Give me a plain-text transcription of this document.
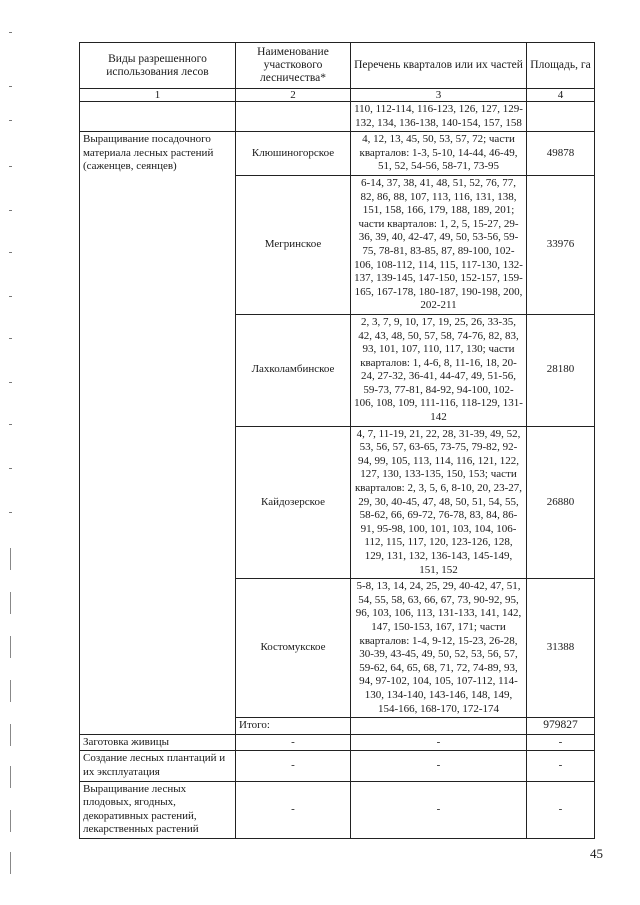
Виды разрешенного использования лесов	Наименование участкового лесничества*	Перечень кварталов или их частей	Площадь, га
1	2	3	4
		110, 112-114, 116-123, 126, 127, 129-132, 134, 136-138, 140-154, 157, 158	
Выращивание посадочного материала лесных растений (саженцев, сеянцев)	Клюшиногорское	4, 12, 13, 45, 50, 53, 57, 72; части кварталов: 1-3, 5-10, 14-44, 46-49, 51, 52, 54-56, 58-71, 73-95	49878
	Мегринское	6-14, 37, 38, 41, 48, 51, 52, 76, 77, 82, 86, 88, 107, 113, 116, 131, 138, 151, 158, 166, 179, 188, 189, 201; части кварталов: 1, 2, 5, 15-27, 29-36, 39, 40, 42-47, 49, 50, 53-56, 59-75, 78-81, 83-85, 87, 89-100, 102-106, 108-112, 114, 115, 117-130, 132-137, 139-145, 147-150, 152-157, 159-165, 167-178, 180-187, 190-198, 200, 202-211	33976
	Лахколамбинское	2, 3, 7, 9, 10, 17, 19, 25, 26, 33-35, 42, 43, 48, 50, 57, 58, 74-76, 82, 83, 93, 101, 107, 110, 117, 130; части кварталов: 1, 4-6, 8, 11-16, 18, 20-24, 27-32, 36-41, 44-47, 49, 51-56, 59-73, 77-81, 84-92, 94-100, 102-106, 108, 109, 111-116, 118-129, 131-142	28180
	Кайдозерское	4, 7, 11-19, 21, 22, 28, 31-39, 49, 52, 53, 56, 57, 63-65, 73-75, 79-82, 92-94, 99, 105, 113, 114, 116, 121, 122, 127, 130, 133-135, 150, 153; части кварталов: 2, 3, 5, 6, 8-10, 20, 23-27, 29, 30, 40-45, 47, 48, 50, 51, 54, 55, 58-62, 66, 69-72, 76-78, 83, 84, 86-91, 95-98, 100, 101, 103, 104, 106-112, 115, 117, 120, 123-126, 128, 129, 131, 132, 136-143, 145-149, 151, 152	26880
	Костомукское	5-8, 13, 14, 24, 25, 29, 40-42, 47, 51, 54, 55, 58, 63, 66, 67, 73, 90-92, 95, 96, 103, 106, 113, 131-133, 141, 142, 147, 150-153, 167, 171; части кварталов: 1-4, 9-12, 15-23, 26-28, 30-39, 43-45, 49, 50, 52, 53, 56, 57, 59-62, 64, 65, 68, 71, 72, 74-89, 93, 94, 97-102, 104, 105, 107-112, 114-130, 134-140, 143-146, 148, 149, 154-166, 168-170, 172-174	31388
	Итого:		979827
Заготовка живицы	-	-	-
Создание лесных плантаций и их эксплуатация	-	-	-
Выращивание лесных плодовых, ягодных, декоративных растений, лекарственных растений	-	-	-
45
